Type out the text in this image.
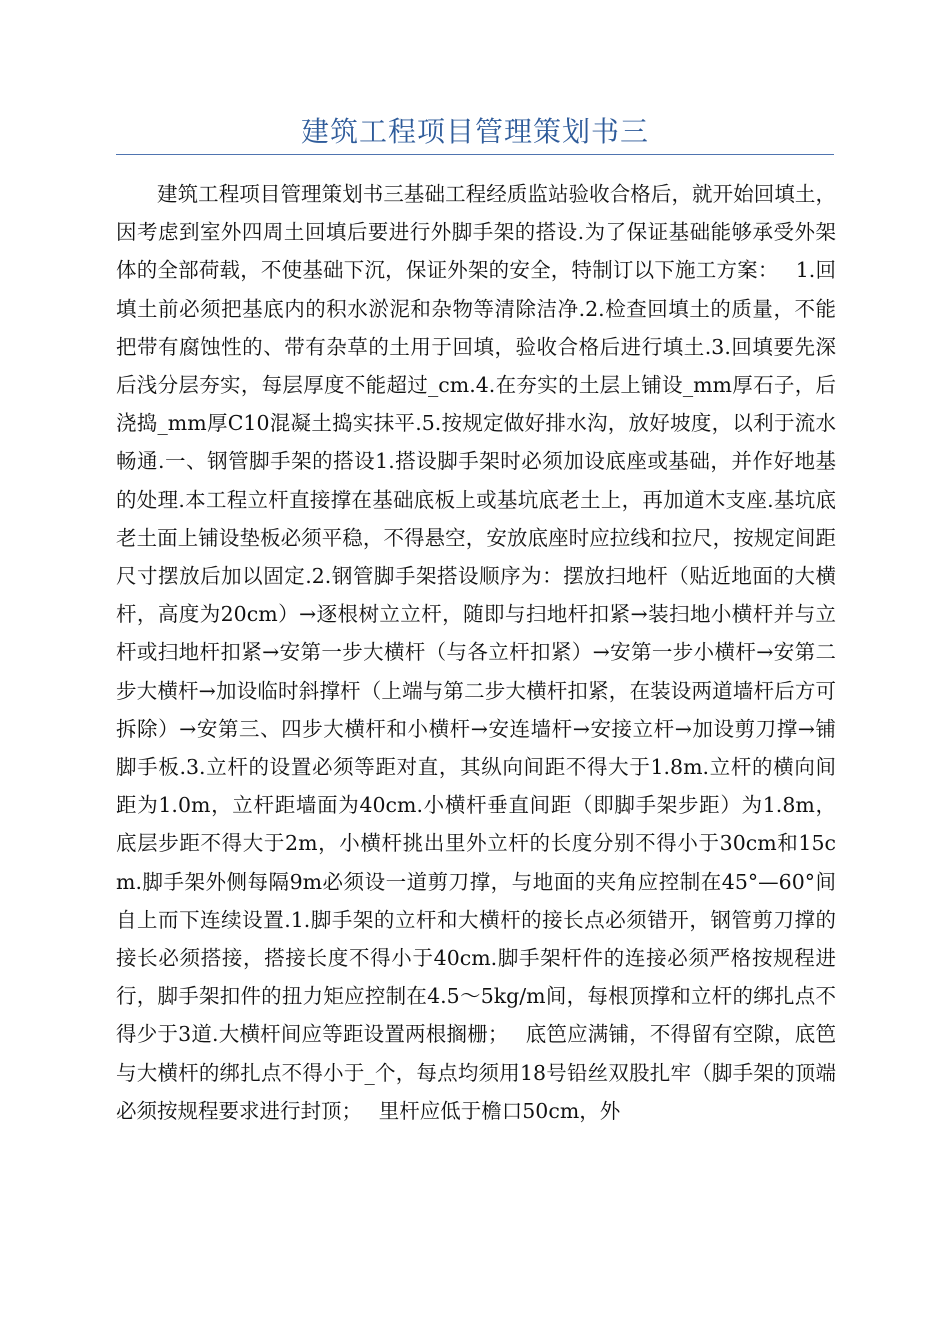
建筑工程项目管理策划书三

建筑工程项目管理策划书三基础工程经质监站验收合格后，就开始回填土，因考虑到室外四周土回填后要进行外脚手架的搭设.为了保证基础能够承受外架体的全部荷载，不使基础下沉，保证外架的安全，特制订以下施工方案：　 1.回填土前必须把基底内的积水淤泥和杂物等清除洁净.2.检查回填土的质量，不能把带有腐蚀性的、带有杂草的土用于回填，验收合格后进行填土.3.回填要先深后浅分层夯实，每层厚度不能超过_cm.4.在夯实的土层上铺设_mm厚石子，后浇捣_mm厚C10混凝土捣实抹平.5.按规定做好排水沟，放好坡度，以利于流水畅通.一、钢管脚手架的搭设1.搭设脚手架时必须加设底座或基础，并作好地基的处理.本工程立杆直接撑在基础底板上或基坑底老土上，再加道木支座.基坑底老土面上铺设垫板必须平稳，不得悬空，安放底座时应拉线和拉尺，按规定间距尺寸摆放后加以固定.2.钢管脚手架搭设顺序为：摆放扫地杆（贴近地面的大横杆，高度为20cm）→逐根树立立杆，随即与扫地杆扣紧→装扫地小横杆并与立杆或扫地杆扣紧→安第一步大横杆（与各立杆扣紧）→安第一步小横杆→安第二步大横杆→加设临时斜撑杆（上端与第二步大横杆扣紧，在装设两道墙杆后方可拆除）→安第三、四步大横杆和小横杆→安连墙杆→安接立杆→加设剪刀撑→铺脚手板.3.立杆的设置必须等距对直，其纵向间距不得大于1.8m.立杆的横向间距为1.0m，立杆距墙面为40cm.小横杆垂直间距（即脚手架步距）为1.8m，底层步距不得大于2m，小横杆挑出里外立杆的长度分别不得小于30cm和15cm.脚手架外侧每隔9m必须设一道剪刀撑，与地面的夹角应控制在45°—60°间自上而下连续设置.1.脚手架的立杆和大横杆的接长点必须错开，钢管剪刀撑的接长必须搭接，搭接长度不得小于40cm.脚手架杆件的连接必须严格按规程进行，脚手架扣件的扭力矩应控制在4.5～5kg/m间，每根顶撑和立杆的绑扎点不得少于3道.大横杆间应等距设置两根搁栅；　 底笆应满铺，不得留有空隙，底笆与大横杆的绑扎点不得小于_个，每点均须用18号铅丝双股扎牢（脚手架的顶端必须按规程要求进行封顶；　 里杆应低于檐口50cm，外
